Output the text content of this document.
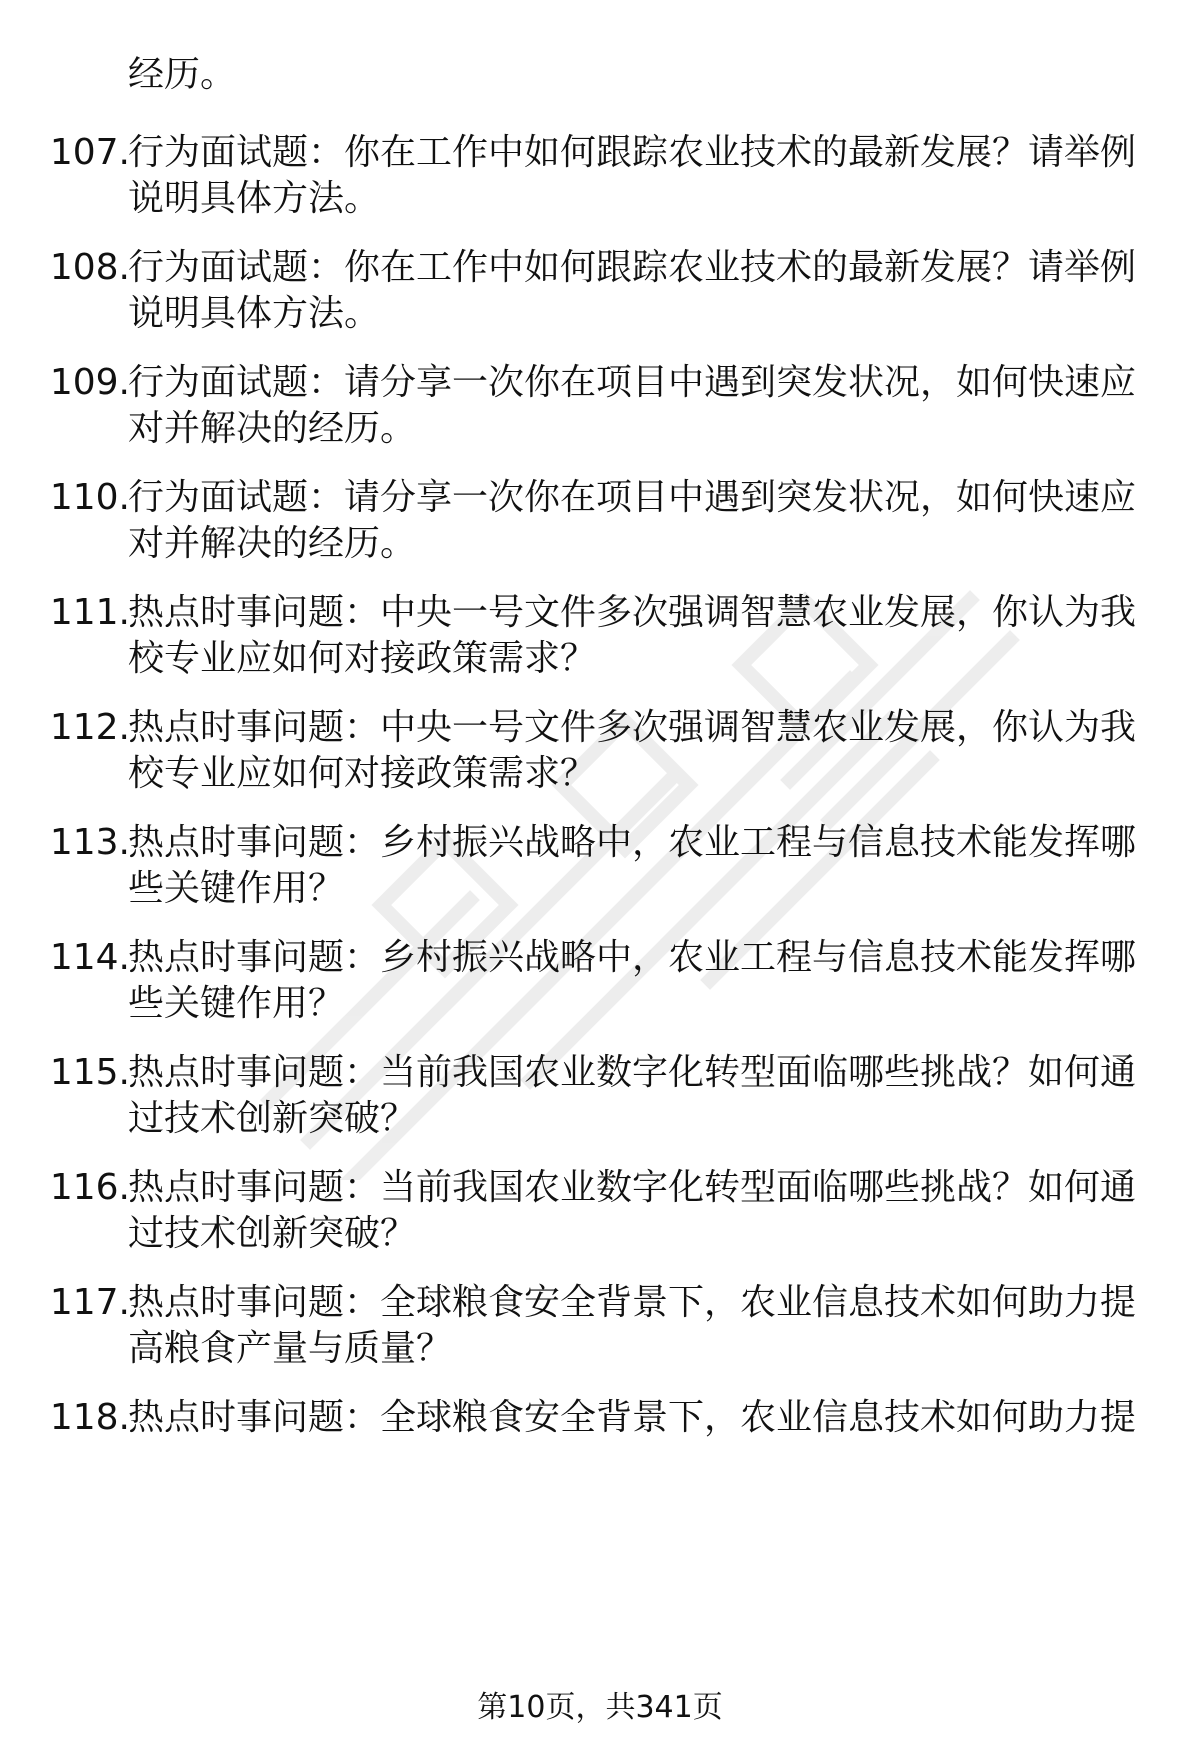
经历。
107.
行为面试题：你在工作中如何跟踪农业技术的最新发展？请举例
说明具体方法。
108.
行为面试题：你在工作中如何跟踪农业技术的最新发展？请举例
说明具体方法。
109.
行为面试题：请分享一次你在项目中遇到突发状况，如何快速应
对并解决的经历。
110.
行为面试题：请分享一次你在项目中遇到突发状况，如何快速应
对并解决的经历。
111.
热点时事问题：中央一号文件多次强调智慧农业发展，你认为我
校专业应如何对接政策需求？
112.
热点时事问题：中央一号文件多次强调智慧农业发展，你认为我
校专业应如何对接政策需求？
113.
热点时事问题：乡村振兴战略中，农业工程与信息技术能发挥哪
些关键作用？
114.
热点时事问题：乡村振兴战略中，农业工程与信息技术能发挥哪
些关键作用？
115.
热点时事问题：当前我国农业数字化转型面临哪些挑战？如何通
过技术创新突破？
116.
热点时事问题：当前我国农业数字化转型面临哪些挑战？如何通
过技术创新突破？
117.
热点时事问题：全球粮食安全背景下，农业信息技术如何助力提
高粮食产量与质量？
118.
热点时事问题：全球粮食安全背景下，农业信息技术如何助力提
第10页，共341页
